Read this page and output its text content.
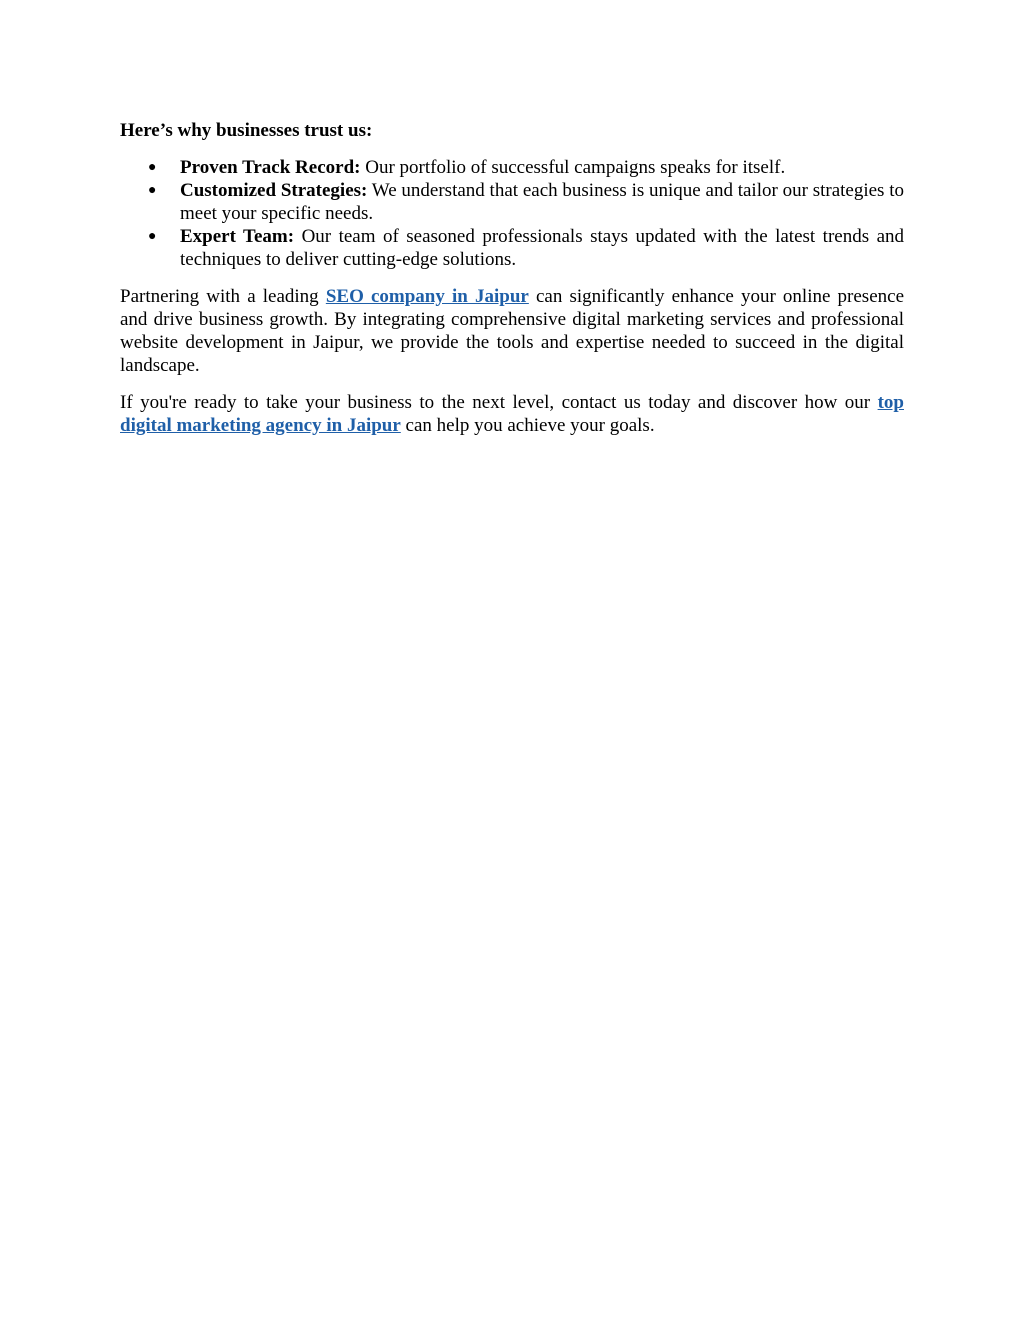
Here’s why businesses trust us:
● Proven Track Record: Our portfolio of successful campaigns speaks for itself.
● Customized Strategies: We understand that each business is unique and tailor our strategies to meet your specific needs.
● Expert Team: Our team of seasoned professionals stays updated with the latest trends and techniques to deliver cutting-edge solutions.

Partnering with a leading SEO company in Jaipur can significantly enhance your online presence and drive business growth. By integrating comprehensive digital marketing services and professional website development in Jaipur, we provide the tools and expertise needed to succeed in the digital landscape.

If you're ready to take your business to the next level, contact us today and discover how our top digital marketing agency in Jaipur can help you achieve your goals.
